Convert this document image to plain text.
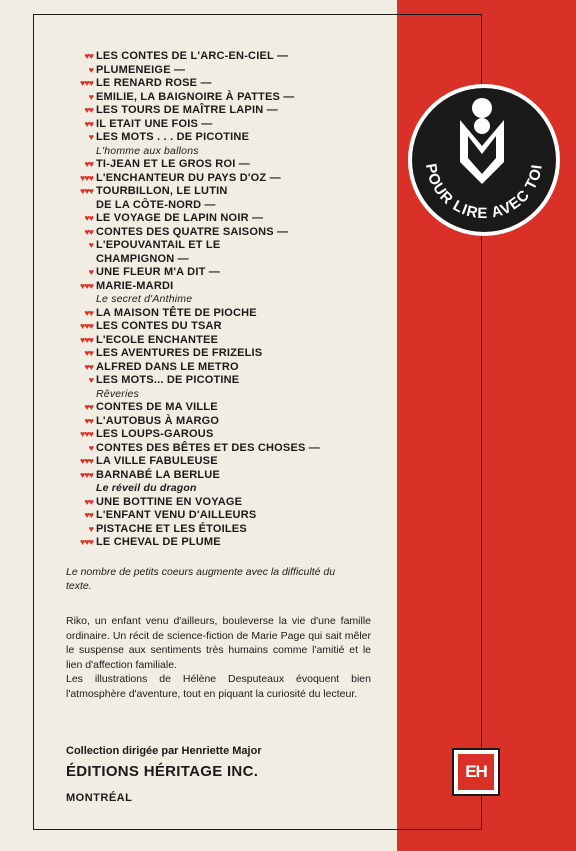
♥♥ LES CONTES DE L'ARC-EN-CIEL —
♥ PLUMENEIGE —
♥♥♥ LE RENARD ROSE —
♥ EMILIE, LA BAIGNOIRE À PATTES —
♥♥ LES TOURS DE MAÎTRE LAPIN —
♥♥ IL ETAIT UNE FOIS —
♥ LES MOTS . . . DE PICOTINE
L'homme aux ballons
♥♥ TI-JEAN ET LE GROS ROI —
♥♥♥ L'ENCHANTEUR DU PAYS D'OZ —
♥♥♥ TOURBILLON, LE LUTIN
DE LA CÔTE-NORD —
♥♥ LE VOYAGE DE LAPIN NOIR —
♥♥ CONTES DES QUATRE SAISONS —
♥ L'EPOUVANTAIL ET LE
CHAMPIGNON —
♥ UNE FLEUR M'A DIT —
♥♥♥ MARIE-MARDI
Le secret d'Anthime
♥♥ LA MAISON TÊTE DE PIOCHE
♥♥♥ LES CONTES DU TSAR
♥♥♥ L'ECOLE ENCHANTEE
♥♥ LES AVENTURES DE FRIZELIS
♥♥ ALFRED DANS LE METRO
♥ LES MOTS... DE PICOTINE
Rêveries
♥♥ CONTES DE MA VILLE
♥♥ L'AUTOBUS À MARGO
♥♥♥ LES LOUPS-GAROUS
♥ CONTES DES BÊTES ET DES CHOSES —
♥♥♥ LA VILLE FABULEUSE
♥♥♥ BARNABÉ LA BERLUE
Le réveil du dragon
♥♥ UNE BOTTINE EN VOYAGE
♥♥ L'ENFANT VENU D'AILLEURS
♥ PISTACHE ET LES ÉTOILES
♥♥♥ LE CHEVAL DE PLUME
Le nombre de petits coeurs augmente avec la difficulté du texte.

Riko, un enfant venu d'ailleurs, bouleverse la vie d'une famille ordinaire. Un récit de science-fiction de Marie Page qui sait mêler le suspense aux sentiments très humains comme l'amitié et le lien d'affection familiale.

Les illustrations de Hélène Desputeaux évoquent bien l'atmosphère d'aventure, tout en piquant la curiosité du lecteur.

Collection dirigée par Henriette Major
ÉDITIONS HÉRITAGE INC.
MONTRÉAL
POUR LIRE AVEC TOI
EH
